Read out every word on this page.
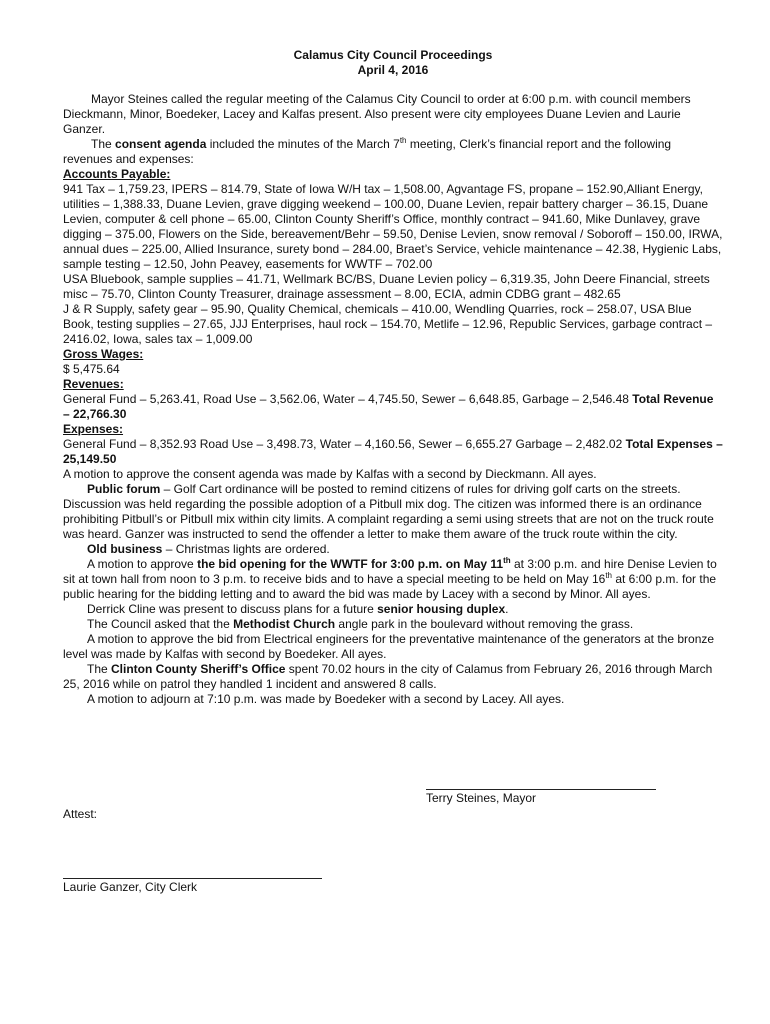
Calamus City Council Proceedings
April 4, 2016

Mayor Steines called the regular meeting of the Calamus City Council to order at 6:00 p.m. with council members Dieckmann, Minor, Boedeker, Lacey and Kalfas present. Also present were city employees Duane Levien and Laurie Ganzer.

The consent agenda included the minutes of the March 7th meeting, Clerk’s financial report and the following revenues and expenses:

Accounts Payable:

941 Tax – 1,759.23, IPERS – 814.79, State of Iowa W/H tax – 1,508.00, Agvantage FS, propane – 152.90,Alliant Energy, utilities – 1,388.33, Duane Levien, grave digging weekend – 100.00, Duane Levien, repair battery charger – 36.15, Duane Levien, computer & cell phone – 65.00, Clinton County Sheriff’s Office, monthly contract – 941.60, Mike Dunlavey, grave digging – 375.00, Flowers on the Side, bereavement/Behr – 59.50, Denise Levien, snow removal / Soboroff – 150.00, IRWA, annual dues – 225.00, Allied Insurance, surety bond – 284.00, Braet’s Service, vehicle maintenance – 42.38, Hygienic Labs, sample testing – 12.50, John Peavey, easements for WWTF – 702.00

USA Bluebook, sample supplies – 41.71, Wellmark BC/BS, Duane Levien policy – 6,319.35, John Deere Financial, streets misc – 75.70, Clinton County Treasurer, drainage assessment – 8.00, ECIA, admin CDBG grant – 482.65

J & R Supply, safety gear – 95.90, Quality Chemical, chemicals – 410.00, Wendling Quarries, rock – 258.07, USA Blue Book, testing supplies – 27.65, JJJ Enterprises, haul rock – 154.70, Metlife – 12.96, Republic Services, garbage contract – 2416.02, Iowa, sales tax – 1,009.00

Gross Wages:
$ 5,475.64
Revenues:

General Fund – 5,263.41, Road Use – 3,562.06, Water – 4,745.50, Sewer – 6,648.85, Garbage – 2,546.48 Total Revenue – 22,766.30

Expenses:

General Fund – 8,352.93 Road Use – 3,498.73, Water – 4,160.56, Sewer – 6,655.27 Garbage – 2,482.02 Total Expenses – 25,149.50

A motion to approve the consent agenda was made by Kalfas with a second by Dieckmann. All ayes.

Public forum – Golf Cart ordinance will be posted to remind citizens of rules for driving golf carts on the streets. Discussion was held regarding the possible adoption of a Pitbull mix dog. The citizen was informed there is an ordinance prohibiting Pitbull’s or Pitbull mix within city limits. A complaint regarding a semi using streets that are not on the truck route was heard. Ganzer was instructed to send the offender a letter to make them aware of the truck route within the city.

Old business – Christmas lights are ordered.

A motion to approve the bid opening for the WWTF for 3:00 p.m. on May 11th at 3:00 p.m. and hire Denise Levien to sit at town hall from noon to 3 p.m. to receive bids and to have a special meeting to be held on May 16th at 6:00 p.m. for the public hearing for the bidding letting and to award the bid was made by Lacey with a second by Minor. All ayes.

Derrick Cline was present to discuss plans for a future senior housing duplex.

The Council asked that the Methodist Church angle park in the boulevard without removing the grass.

A motion to approve the bid from Electrical engineers for the preventative maintenance of the generators at the bronze level was made by Kalfas with second by Boedeker. All ayes.

The Clinton County Sheriff’s Office spent 70.02 hours in the city of Calamus from February 26, 2016 through March 25, 2016 while on patrol they handled 1 incident and answered 8 calls.

A motion to adjourn at 7:10 p.m. was made by Boedeker with a second by Lacey. All ayes.

Terry Steines, Mayor
Attest:
Laurie Ganzer, City Clerk
